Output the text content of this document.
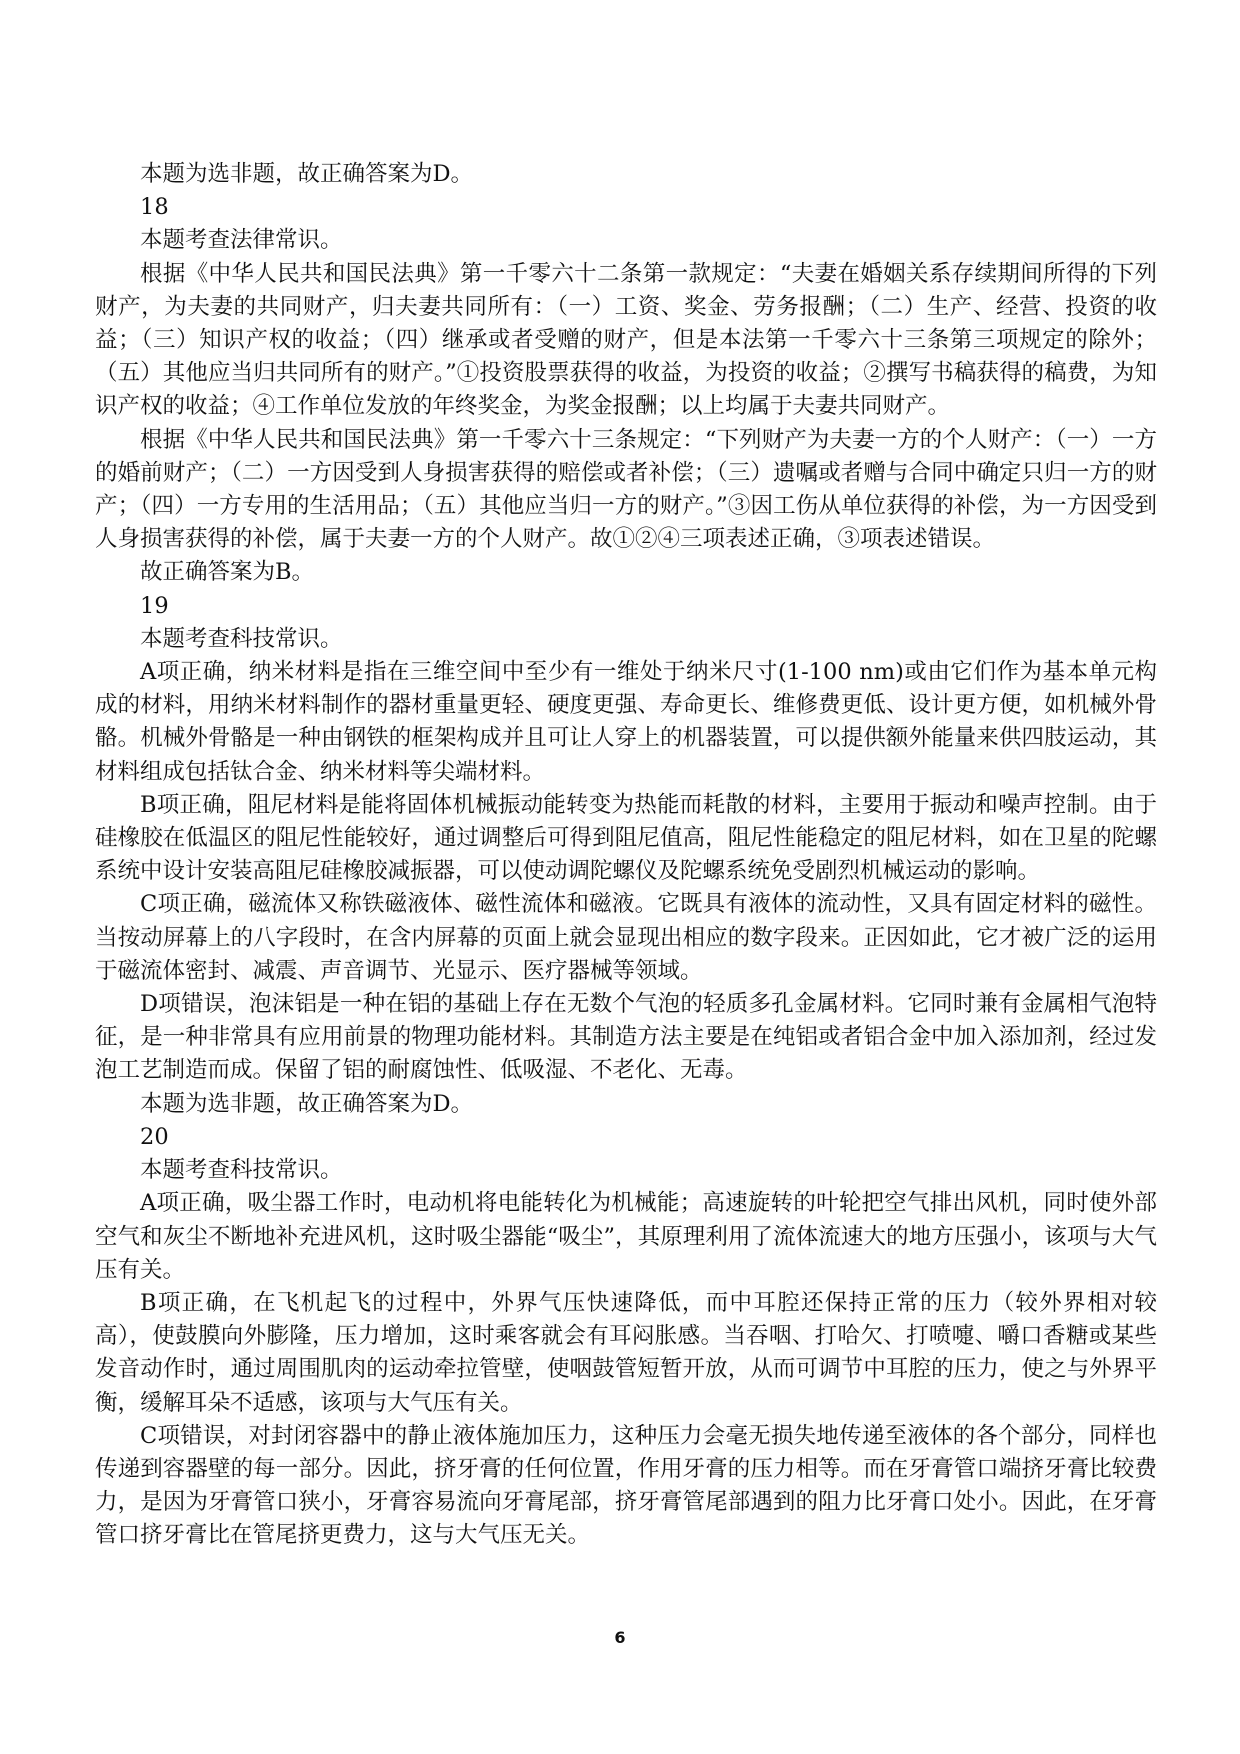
本题为选非题，故正确答案为D。

18

本题考查法律常识。

根据《中华人民共和国民法典》第一千零六十二条第一款规定：“夫妻在婚姻关系存续期间所得的下列财产，为夫妻的共同财产，归夫妻共同所有：（一）工资、奖金、劳务报酬；（二）生产、经营、投资的收益；（三）知识产权的收益；（四）继承或者受赠的财产，但是本法第一千零六十三条第三项规定的除外；（五）其他应当归共同所有的财产。”①投资股票获得的收益，为投资的收益；②撰写书稿获得的稿费，为知识产权的收益；④工作单位发放的年终奖金，为奖金报酬；以上均属于夫妻共同财产。

根据《中华人民共和国民法典》第一千零六十三条规定：“下列财产为夫妻一方的个人财产：（一）一方的婚前财产；（二）一方因受到人身损害获得的赔偿或者补偿；（三）遗嘱或者赠与合同中确定只归一方的财产；（四）一方专用的生活用品；（五）其他应当归一方的财产。”③因工伤从单位获得的补偿，为一方因受到人身损害获得的补偿，属于夫妻一方的个人财产。故①②④三项表述正确，③项表述错误。

故正确答案为B。

19

本题考查科技常识。

A项正确，纳米材料是指在三维空间中至少有一维处于纳米尺寸(1-100 nm)或由它们作为基本单元构成的材料，用纳米材料制作的器材重量更轻、硬度更强、寿命更长、维修费更低、设计更方便，如机械外骨骼。机械外骨骼是一种由钢铁的框架构成并且可让人穿上的机器装置，可以提供额外能量来供四肢运动，其材料组成包括钛合金、纳米材料等尖端材料。

B项正确，阻尼材料是能将固体机械振动能转变为热能而耗散的材料，主要用于振动和噪声控制。由于硅橡胶在低温区的阻尼性能较好，通过调整后可得到阻尼值高，阻尼性能稳定的阻尼材料，如在卫星的陀螺系统中设计安装高阻尼硅橡胶减振器，可以使动调陀螺仪及陀螺系统免受剧烈机械运动的影响。

C项正确，磁流体又称铁磁液体、磁性流体和磁液。它既具有液体的流动性，又具有固定材料的磁性。当按动屏幕上的八字段时，在含内屏幕的页面上就会显现出相应的数字段来。正因如此，它才被广泛的运用于磁流体密封、减震、声音调节、光显示、医疗器械等领域。

D项错误，泡沫铝是一种在铝的基础上存在无数个气泡的轻质多孔金属材料。它同时兼有金属相气泡特征，是一种非常具有应用前景的物理功能材料。其制造方法主要是在纯铝或者铝合金中加入添加剂，经过发泡工艺制造而成。保留了铝的耐腐蚀性、低吸湿、不老化、无毒。

本题为选非题，故正确答案为D。

20

本题考查科技常识。

A项正确，吸尘器工作时，电动机将电能转化为机械能；高速旋转的叶轮把空气排出风机，同时使外部空气和灰尘不断地补充进风机，这时吸尘器能“吸尘”，其原理利用了流体流速大的地方压强小，该项与大气压有关。

B项正确，在飞机起飞的过程中，外界气压快速降低，而中耳腔还保持正常的压力（较外界相对较高），使鼓膜向外膨隆，压力增加，这时乘客就会有耳闷胀感。当吞咽、打哈欠、打喷嚏、嚼口香糖或某些发音动作时，通过周围肌肉的运动牵拉管壁，使咽鼓管短暂开放，从而可调节中耳腔的压力，使之与外界平衡，缓解耳朵不适感，该项与大气压有关。

C项错误，对封闭容器中的静止液体施加压力，这种压力会毫无损失地传递至液体的各个部分，同样也传递到容器壁的每一部分。因此，挤牙膏的任何位置，作用牙膏的压力相等。而在牙膏管口端挤牙膏比较费力，是因为牙膏管口狭小，牙膏容易流向牙膏尾部，挤牙膏管尾部遇到的阻力比牙膏口处小。因此，在牙膏管口挤牙膏比在管尾挤更费力，这与大气压无关。

6
